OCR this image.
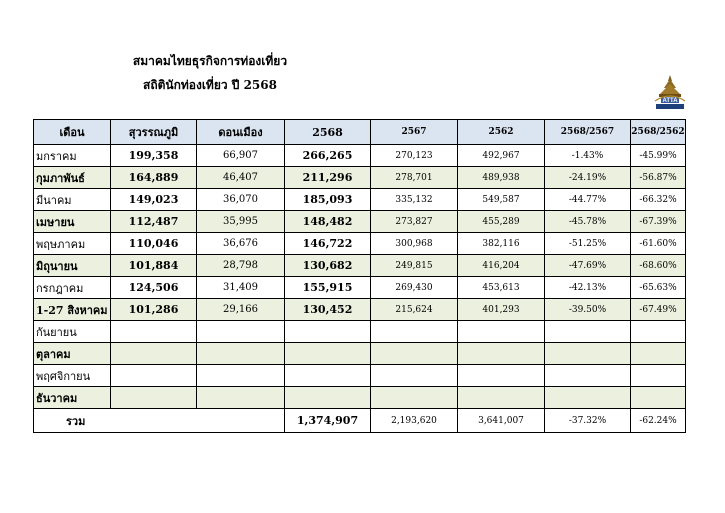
สมาคมไทยธุรกิจการท่องเที่ยว
สถิตินักท่องเที่ยว ปี 2568
ATTA
เดือน	สุวรรณภูมิ	ดอนเมือง	2568	2567	2562	2568/2567	2568/2562
มกราคม	199,358	66,907	266,265	270,123	492,967	-1.43%	-45.99%
กุมภาพันธ์	164,889	46,407	211,296	278,701	489,938	-24.19%	-56.87%
มีนาคม	149,023	36,070	185,093	335,132	549,587	-44.77%	-66.32%
เมษายน	112,487	35,995	148,482	273,827	455,289	-45.78%	-67.39%
พฤษภาคม	110,046	36,676	146,722	300,968	382,116	-51.25%	-61.60%
มิถุนายน	101,884	28,798	130,682	249,815	416,204	-47.69%	-68.60%
กรกฎาคม	124,506	31,409	155,915	269,430	453,613	-42.13%	-65.63%
1-27 สิงหาคม	101,286	29,166	130,452	215,624	401,293	-39.50%	-67.49%
กันยายน							
ตุลาคม							
พฤศจิกายน							
ธันวาคม							
รวม			1,374,907	2,193,620	3,641,007	-37.32%	-62.24%
